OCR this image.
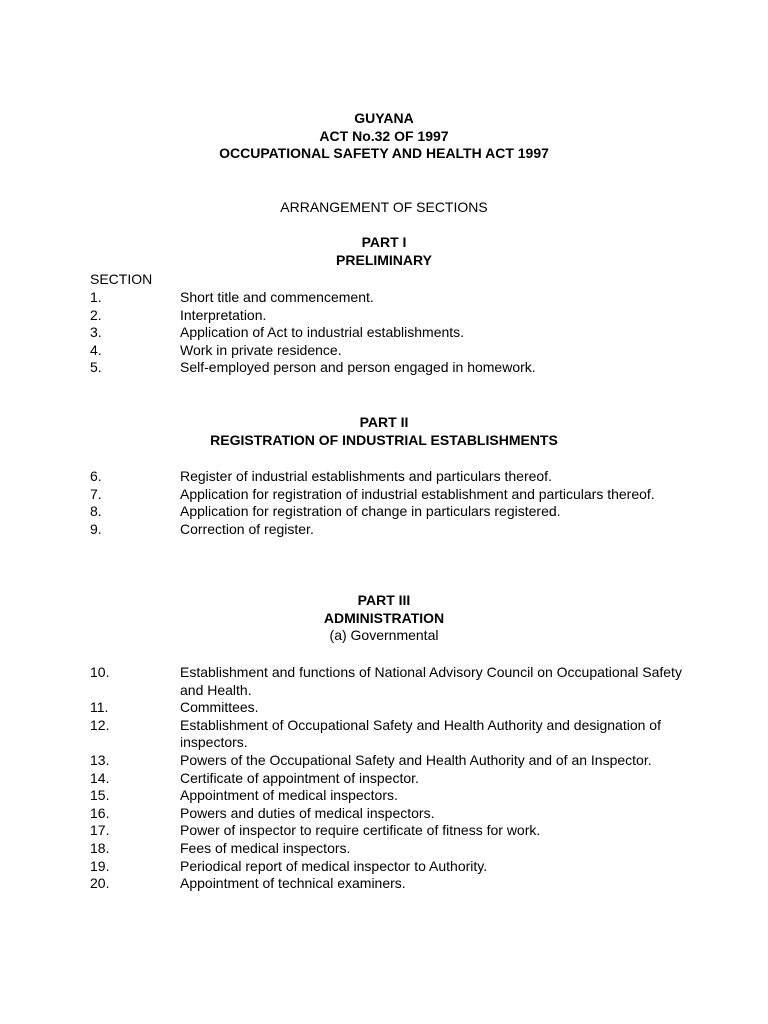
GUYANA
ACT No.32 OF 1997
OCCUPATIONAL SAFETY AND HEALTH ACT 1997
ARRANGEMENT OF SECTIONS
PART I
PRELIMINARY
SECTION
1.	Short title and commencement.
2.	Interpretation.
3.	Application of Act to industrial establishments.
4.	Work in private residence.
5.	Self-employed person and person engaged in homework.
PART II
REGISTRATION OF INDUSTRIAL ESTABLISHMENTS
6.	Register of industrial establishments and particulars thereof.
7.	Application for registration of industrial establishment and particulars thereof.
8.	Application for registration of change in particulars registered.
9.	Correction of register.
PART III
ADMINISTRATION
(a) Governmental
10.	Establishment and functions of National Advisory Council on Occupational Safety and Health.
11.	Committees.
12.	Establishment of Occupational Safety and Health Authority and designation of inspectors.
13.	Powers of the Occupational Safety and Health Authority and of an Inspector.
14.	Certificate of appointment of inspector.
15.	Appointment of medical inspectors.
16.	Powers and duties of medical inspectors.
17.	Power of inspector to require certificate of fitness for work.
18.	Fees of medical inspectors.
19.	Periodical report of medical inspector to Authority.
20.	Appointment of technical examiners.
